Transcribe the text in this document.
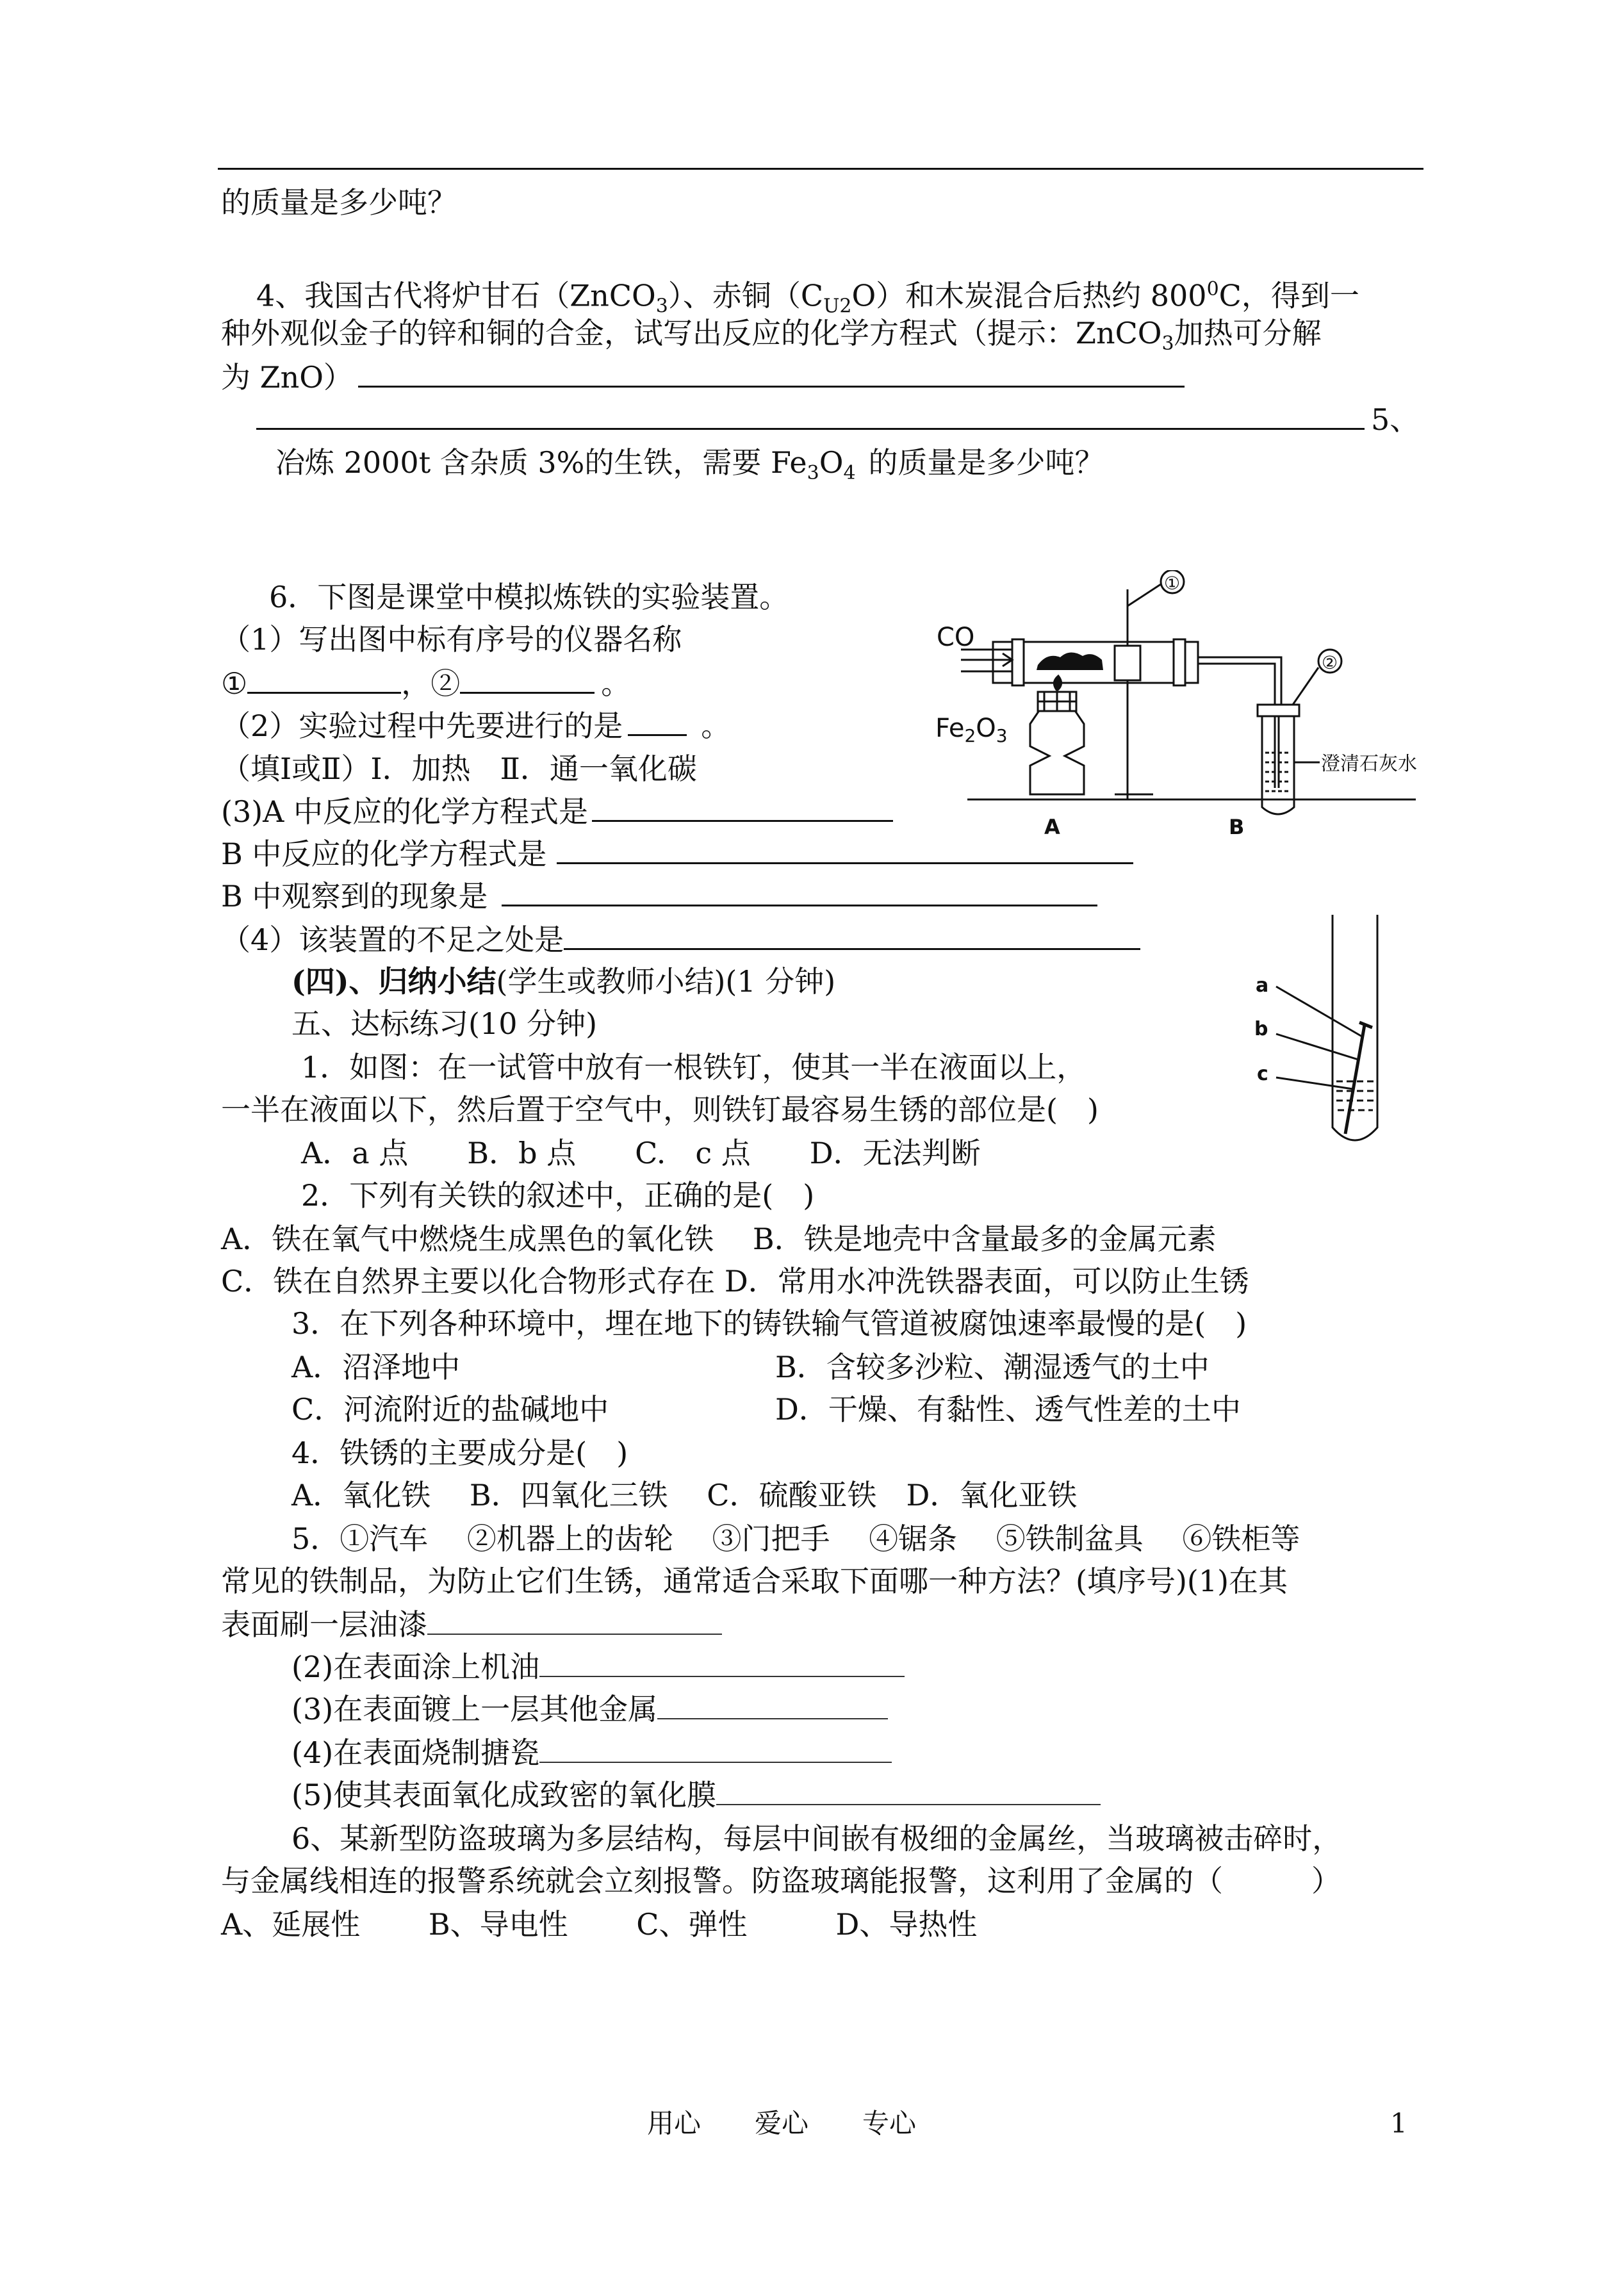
的质量是多少吨？
4、我国古代将炉甘石（ZnCO$_3$）、赤铜$(C_{U2}O)$和木炭混合后热约 $800^0C$，得到一
种外观似金子的锌和铜的合金，试写出反应的化学方程式（提示：ZnCO$_3$加热可分解
为 ZnO）
5、
冶炼 2000t 含杂质 3%的生铁，需要 $Fe_3O_4$ 的质量是多少吨？
6．下图是课堂中模拟炼铁的实验装置。
（1）写出图中标有序号的仪器名称
①	，②	。
（2）实验过程中先要进行的是	。
（填Ⅰ或Ⅱ）Ⅰ．加热　Ⅱ．通一氧化碳
(3)A 中反应的化学方程式是
B 中反应的化学方程式是
B 中观察到的现象是
（4）该装置的不足之处是
CO
$Fe_2O_3$
①
②
澄清石灰水
A	B
(四)、归纳小结(学生或教师小结)(1 分钟)
五、达标练习(10 分钟)
1．如图：在一试管中放有一根铁钉，使其一半在液面以上，
一半在液面以下，然后置于空气中，则铁钉最容易生锈的部位是(　)
A．a 点　　B．b 点　　C.　c 点　　D．无法判断
2．下列有关铁的叙述中，正确的是(　)
A．铁在氧气中燃烧生成黑色的氧化铁　 B．铁是地壳中含量最多的金属元素
C．铁在自然界主要以化合物形式存在 D．常用水冲洗铁器表面，可以防止生锈
3．在下列各种环境中，埋在地下的铸铁输气管道被腐蚀速率最慢的是(　)
A．沼泽地中	B．含较多沙粒、潮湿透气的土中
C．河流附近的盐碱地中	D．干燥、有黏性、透气性差的土中
4．铁锈的主要成分是(　)
A．氧化铁　 B．四氧化三铁　 C．硫酸亚铁　D．氧化亚铁
5．①汽车　 ②机器上的齿轮　 ③门把手　 ④锯条　 ⑤铁制盆具　 ⑥铁柜等
常见的铁制品，为防止它们生锈，通常适合采取下面哪一种方法？(填序号)(1)在其
表面刷一层油漆
(2)在表面涂上机油
(3)在表面镀上一层其他金属
(4)在表面烧制搪瓷
(5)使其表面氧化成致密的氧化膜
6、某新型防盗玻璃为多层结构，每层中间嵌有极细的金属丝，当玻璃被击碎时，
与金属线相连的报警系统就会立刻报警。防盗玻璃能报警，这利用了金属的（　　　）
A、延展性　　 B、导电性　　 C、弹性　　　D、导热性
a
b
c
用心　　爱心　　专心	1
